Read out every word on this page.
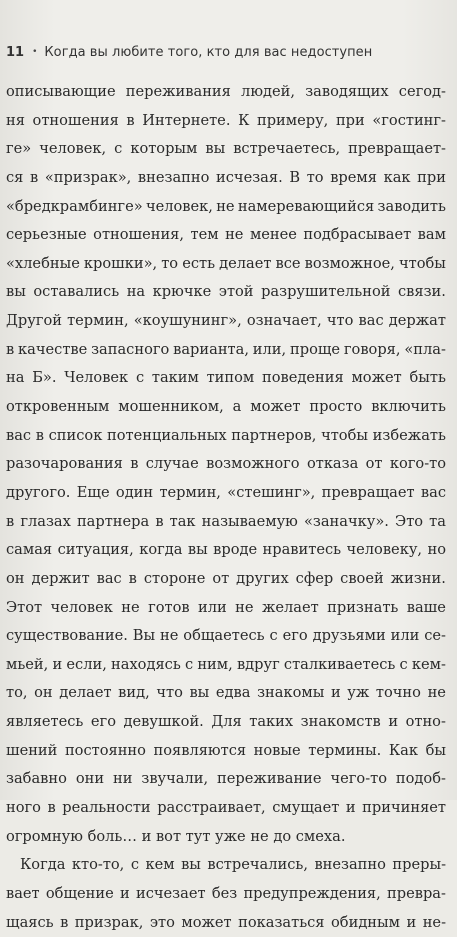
11 • Когда вы любите того, кто для вас недоступен
описывающие переживания людей, заводящих сегод-
ня отношения в Интернете. К примеру, при «гостинг-
ге» человек, с которым вы встречаетесь, превращает-
ся в «призрак», внезапно исчезая. В то время как при
«бредкрамбинге» человек, не намеревающийся заводить
серьезные отношения, тем не менее подбрасывает вам
«хлебные крошки», то есть делает все возможное, чтобы
вы оставались на крючке этой разрушительной связи.
Другой термин, «коушунинг», означает, что вас держат
в качестве запасного варианта, или, проще говоря, «пла-
на Б». Человек с таким типом поведения может быть
откровенным мошенником, а может просто включить
вас в список потенциальных партнеров, чтобы избежать
разочарования в случае возможного отказа от кого-то
другого. Еще один термин, «стешинг», превращает вас
в глазах партнера в так называемую «заначку». Это та
самая ситуация, когда вы вроде нравитесь человеку, но
он держит вас в стороне от других сфер своей жизни.
Этот человек не готов или не желает признать ваше
существование. Вы не общаетесь с его друзьями или се-
мьей, и если, находясь с ним, вдруг сталкиваетесь с кем-
то, он делает вид, что вы едва знакомы и уж точно не
являетесь его девушкой. Для таких знакомств и отно-
шений постоянно появляются новые термины. Как бы
забавно они ни звучали, переживание чего-то подоб-
ного в реальности расстраивает, смущает и причиняет
огромную боль… и вот тут уже не до смеха.
Когда кто-то, с кем вы встречались, внезапно преры-
вает общение и исчезает без предупреждения, превра-
щаясь в призрак, это может показаться обидным и не-
